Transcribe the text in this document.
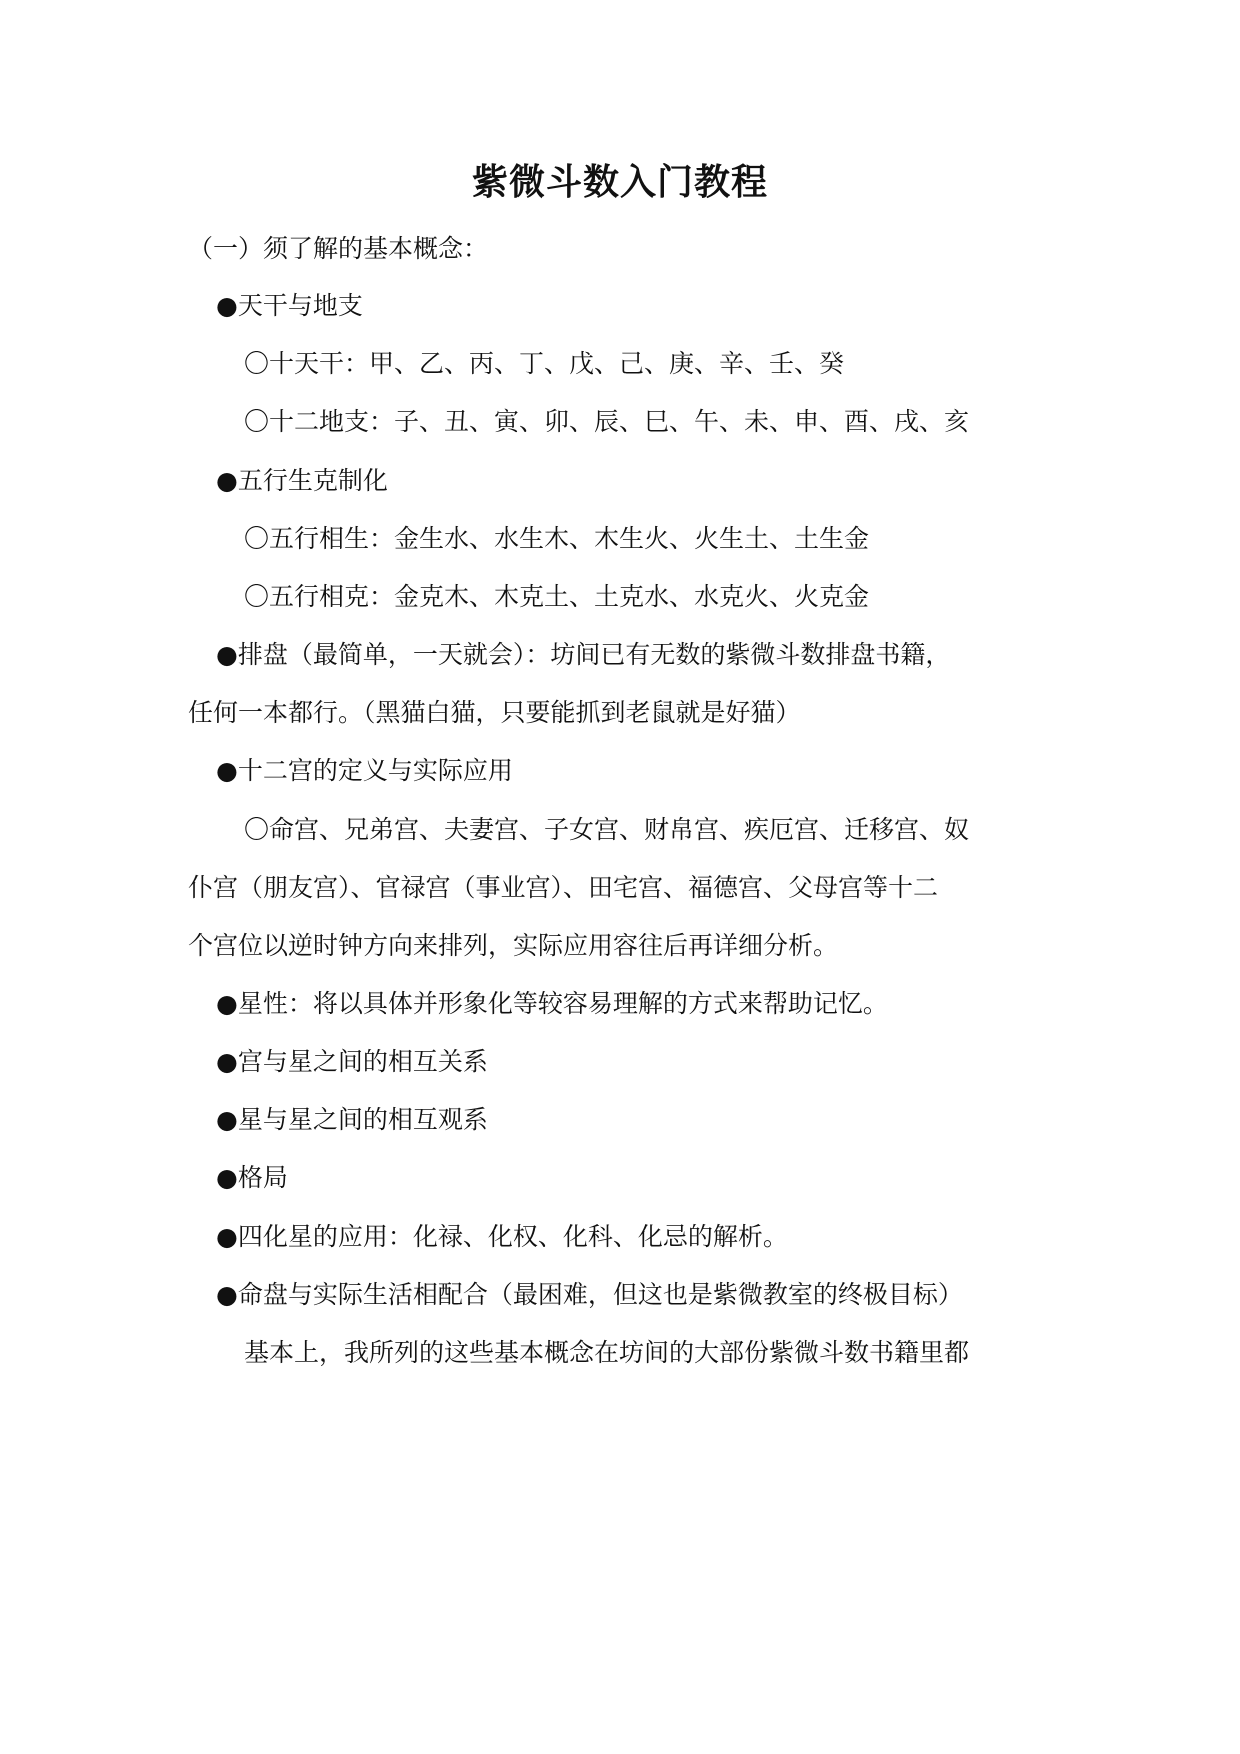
紫微斗数入门教程

（一）须了解的基本概念：

●天干与地支

〇十天干：甲、乙、丙、丁、戊、己、庚、辛、壬、癸

〇十二地支：子、丑、寅、卯、辰、巳、午、未、申、酉、戌、亥

●五行生克制化

〇五行相生：金生水、水生木、木生火、火生土、土生金

〇五行相克：金克木、木克土、土克水、水克火、火克金

●排盘（最简单，一天就会）：坊间已有无数的紫微斗数排盘书籍，

任何一本都行。（黑猫白猫，只要能抓到老鼠就是好猫）

●十二宫的定义与实际应用

〇命宫、兄弟宫、夫妻宫、子女宫、财帛宫、疾厄宫、迁移宫、奴

仆宫（朋友宫）、官禄宫（事业宫）、田宅宫、福德宫、父母宫等十二

个宫位以逆时钟方向来排列，实际应用容往后再详细分析。

●星性：将以具体并形象化等较容易理解的方式来帮助记忆。

●宫与星之间的相互关系

●星与星之间的相互观系

●格局

●四化星的应用：化禄、化权、化科、化忌的解析。

●命盘与实际生活相配合（最困难，但这也是紫微教室的终极目标）

基本上，我所列的这些基本概念在坊间的大部份紫微斗数书籍里都
